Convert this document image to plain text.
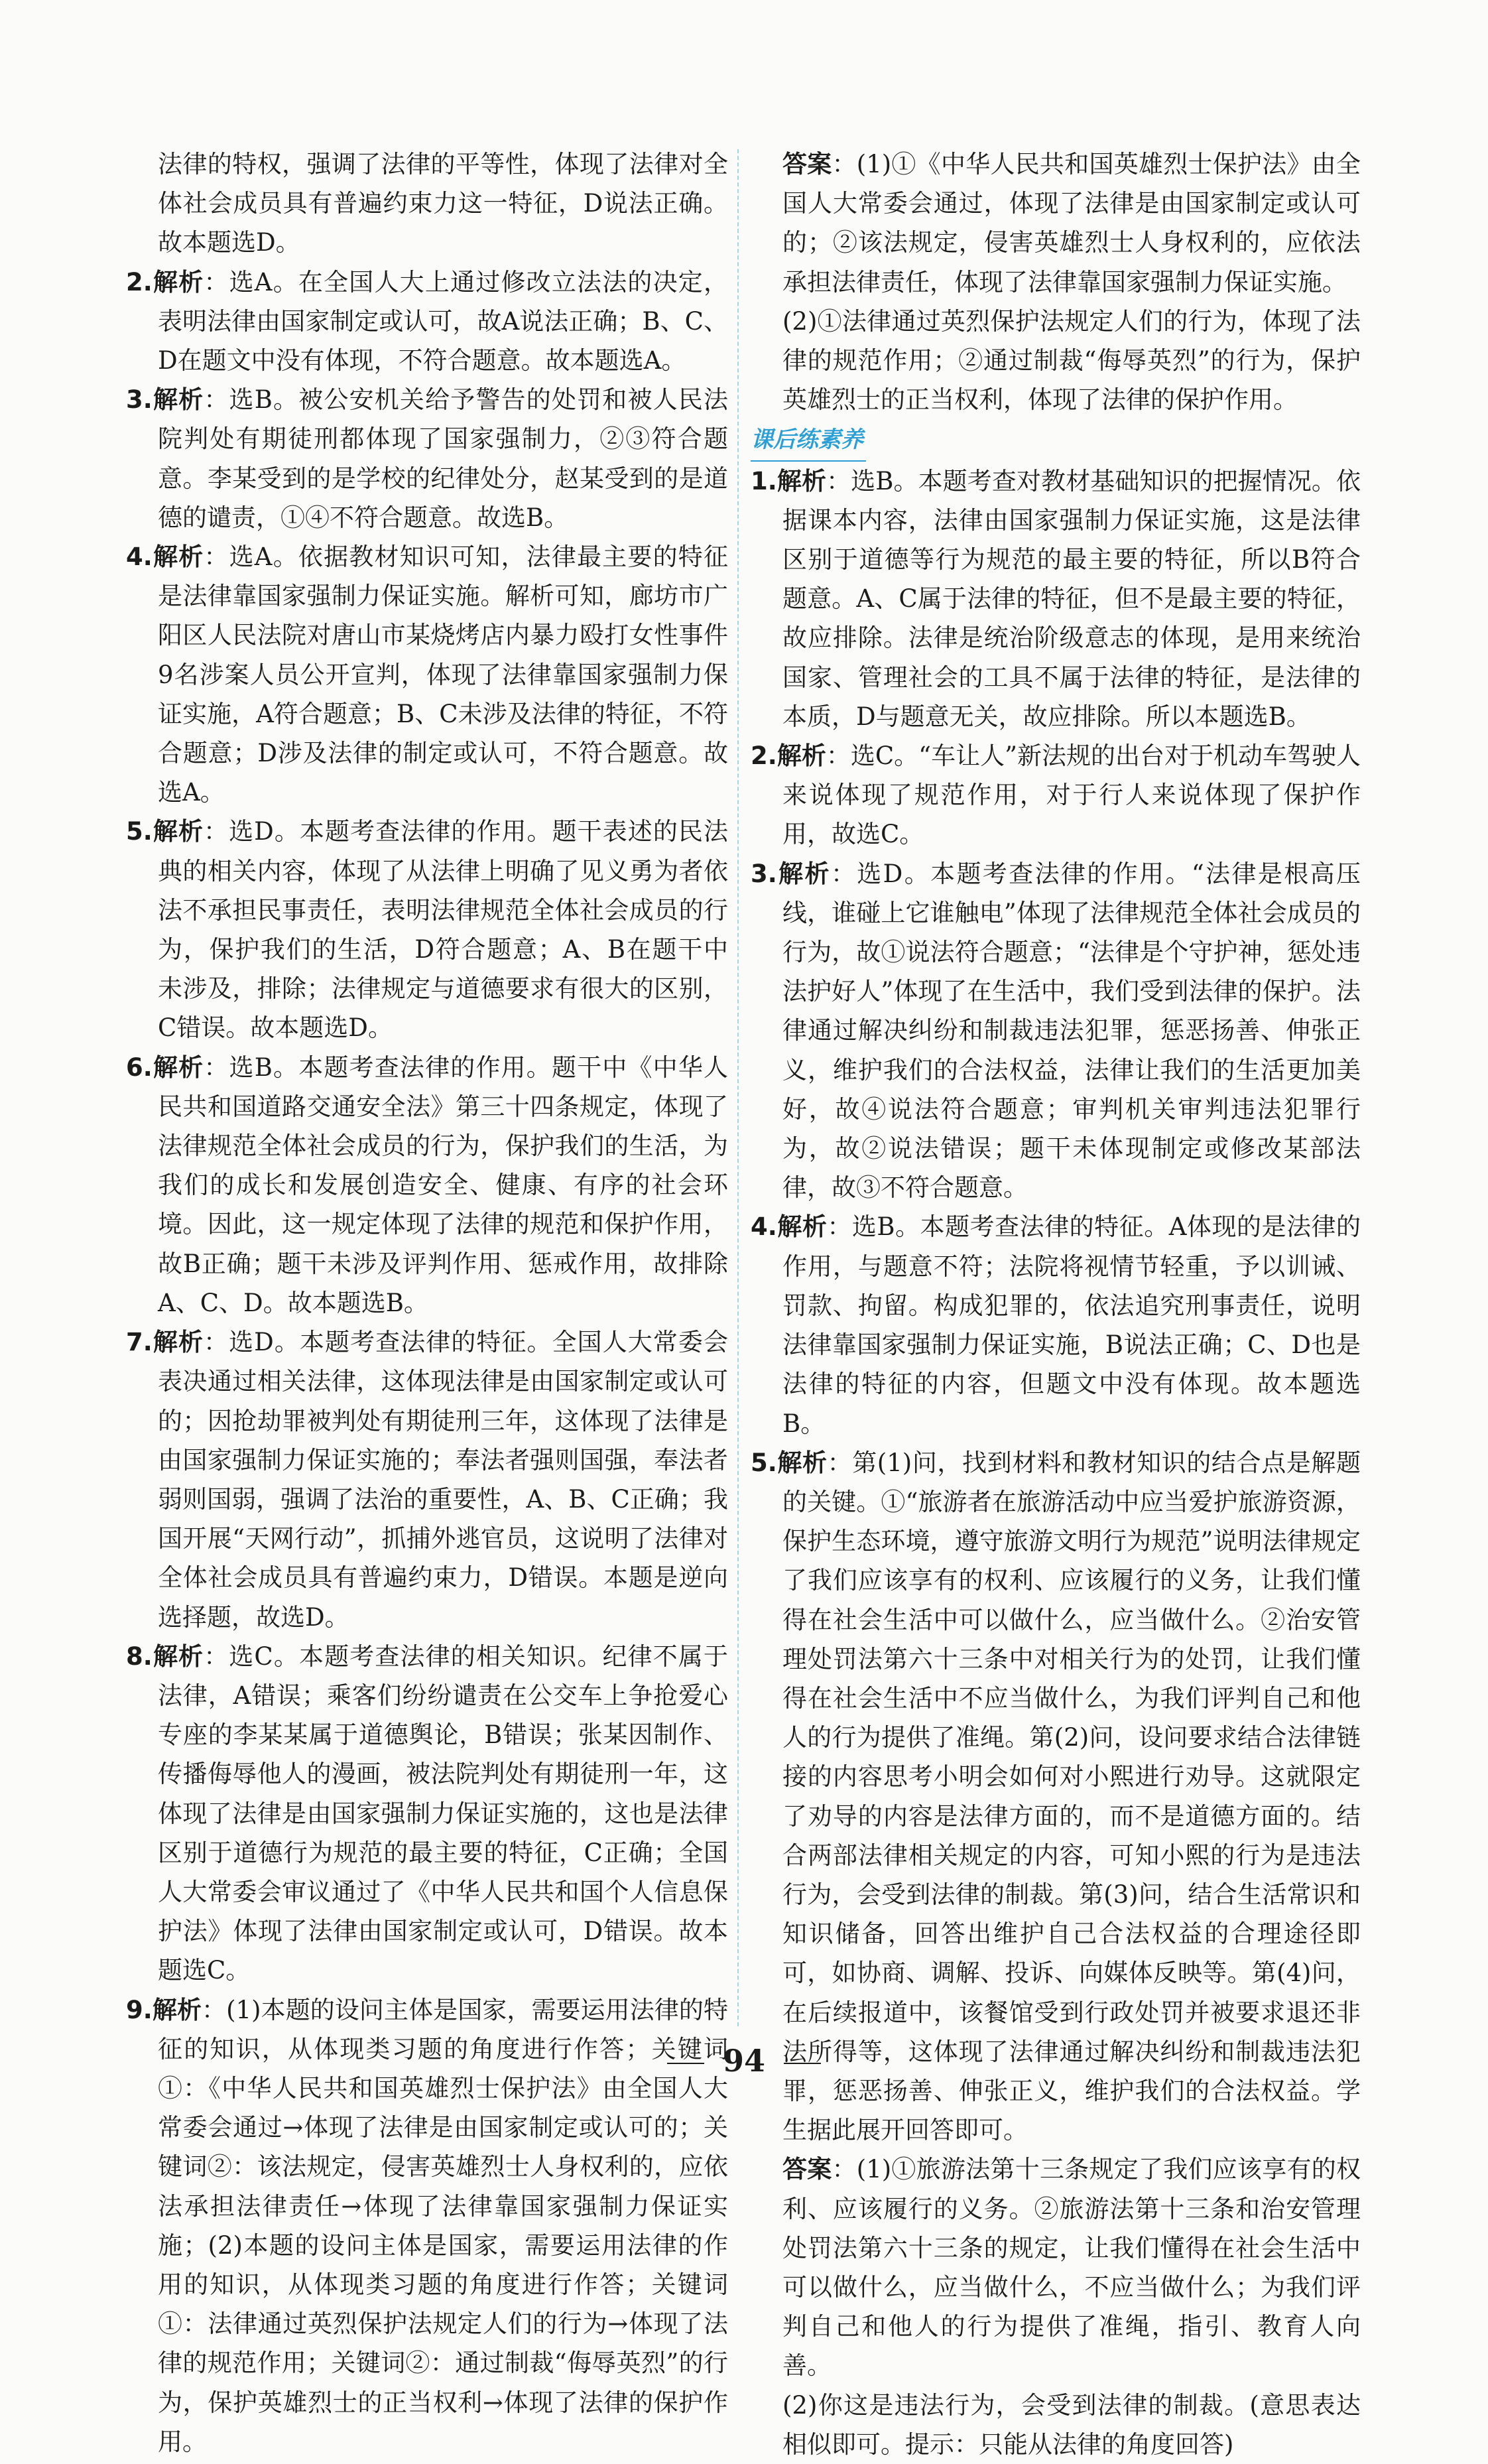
法律的特权，强调了法律的平等性，体现了法律对全体社会成员具有普遍约束力这一特征，D说法正确。故本题选D。

2.解析：选A。在全国人大上通过修改立法法的决定，表明法律由国家制定或认可，故A说法正确；B、C、D在题文中没有体现，不符合题意。故本题选A。

3.解析：选B。被公安机关给予警告的处罚和被人民法院判处有期徒刑都体现了国家强制力，②③符合题意。李某受到的是学校的纪律处分，赵某受到的是道德的谴责，①④不符合题意。故选B。

4.解析：选A。依据教材知识可知，法律最主要的特征是法律靠国家强制力保证实施。解析可知，廊坊市广阳区人民法院对唐山市某烧烤店内暴力殴打女性事件9名涉案人员公开宣判，体现了法律靠国家强制力保证实施，A符合题意；B、C未涉及法律的特征，不符合题意；D涉及法律的制定或认可，不符合题意。故选A。

5.解析：选D。本题考查法律的作用。题干表述的民法典的相关内容，体现了从法律上明确了见义勇为者依法不承担民事责任，表明法律规范全体社会成员的行为，保护我们的生活，D符合题意；A、B在题干中未涉及，排除；法律规定与道德要求有很大的区别，C错误。故本题选D。

6.解析：选B。本题考查法律的作用。题干中《中华人民共和国道路交通安全法》第三十四条规定，体现了法律规范全体社会成员的行为，保护我们的生活，为我们的成长和发展创造安全、健康、有序的社会环境。因此，这一规定体现了法律的规范和保护作用，故B正确；题干未涉及评判作用、惩戒作用，故排除A、C、D。故本题选B。

7.解析：选D。本题考查法律的特征。全国人大常委会表决通过相关法律，这体现法律是由国家制定或认可的；因抢劫罪被判处有期徒刑三年，这体现了法律是由国家强制力保证实施的；奉法者强则国强，奉法者弱则国弱，强调了法治的重要性，A、B、C正确；我国开展“天网行动”，抓捕外逃官员，这说明了法律对全体社会成员具有普遍约束力，D错误。本题是逆向选择题，故选D。

8.解析：选C。本题考查法律的相关知识。纪律不属于法律，A错误；乘客们纷纷谴责在公交车上争抢爱心专座的李某某属于道德舆论，B错误；张某因制作、传播侮辱他人的漫画，被法院判处有期徒刑一年，这体现了法律是由国家强制力保证实施的，这也是法律区别于道德行为规范的最主要的特征，C正确；全国人大常委会审议通过了《中华人民共和国个人信息保护法》体现了法律由国家制定或认可，D错误。故本题选C。

9.解析：(1)本题的设问主体是国家，需要运用法律的特征的知识，从体现类习题的角度进行作答；关键词①：《中华人民共和国英雄烈士保护法》由全国人大常委会通过→体现了法律是由国家制定或认可的；关键词②：该法规定，侵害英雄烈士人身权利的，应依法承担法律责任→体现了法律靠国家强制力保证实施；(2)本题的设问主体是国家，需要运用法律的作用的知识，从体现类习题的角度进行作答；关键词①：法律通过英烈保护法规定人们的行为→体现了法律的规范作用；关键词②：通过制裁“侮辱英烈”的行为，保护英雄烈士的正当权利→体现了法律的保护作用。

答案：(1)①《中华人民共和国英雄烈士保护法》由全国人大常委会通过，体现了法律是由国家制定或认可的；②该法规定，侵害英雄烈士人身权利的，应依法承担法律责任，体现了法律靠国家强制力保证实施。

(2)①法律通过英烈保护法规定人们的行为，体现了法律的规范作用；②通过制裁“侮辱英烈”的行为，保护英雄烈士的正当权利，体现了法律的保护作用。

课后练素养

1.解析：选B。本题考查对教材基础知识的把握情况。依据课本内容，法律由国家强制力保证实施，这是法律区别于道德等行为规范的最主要的特征，所以B符合题意。A、C属于法律的特征，但不是最主要的特征，故应排除。法律是统治阶级意志的体现，是用来统治国家、管理社会的工具不属于法律的特征，是法律的本质，D与题意无关，故应排除。所以本题选B。

2.解析：选C。“车让人”新法规的出台对于机动车驾驶人来说体现了规范作用，对于行人来说体现了保护作用，故选C。

3.解析：选D。本题考查法律的作用。“法律是根高压线，谁碰上它谁触电”体现了法律规范全体社会成员的行为，故①说法符合题意；“法律是个守护神，惩处违法护好人”体现了在生活中，我们受到法律的保护。法律通过解决纠纷和制裁违法犯罪，惩恶扬善、伸张正义，维护我们的合法权益，法律让我们的生活更加美好，故④说法符合题意；审判机关审判违法犯罪行为，故②说法错误；题干未体现制定或修改某部法律，故③不符合题意。

4.解析：选B。本题考查法律的特征。A体现的是法律的作用，与题意不符；法院将视情节轻重，予以训诫、罚款、拘留。构成犯罪的，依法追究刑事责任，说明法律靠国家强制力保证实施，B说法正确；C、D也是法律的特征的内容，但题文中没有体现。故本题选B。

5.解析：第(1)问，找到材料和教材知识的结合点是解题的关键。①“旅游者在旅游活动中应当爱护旅游资源，保护生态环境，遵守旅游文明行为规范”说明法律规定了我们应该享有的权利、应该履行的义务，让我们懂得在社会生活中可以做什么，应当做什么。②治安管理处罚法第六十三条中对相关行为的处罚，让我们懂得在社会生活中不应当做什么，为我们评判自己和他人的行为提供了准绳。第(2)问，设问要求结合法律链接的内容思考小明会如何对小熙进行劝导。这就限定了劝导的内容是法律方面的，而不是道德方面的。结合两部法律相关规定的内容，可知小熙的行为是违法行为，会受到法律的制裁。第(3)问，结合生活常识和知识储备，回答出维护自己合法权益的合理途径即可，如协商、调解、投诉、向媒体反映等。第(4)问，在后续报道中，该餐馆受到行政处罚并被要求退还非法所得等，这体现了法律通过解决纠纷和制裁违法犯罪，惩恶扬善、伸张正义，维护我们的合法权益。学生据此展开回答即可。

答案：(1)①旅游法第十三条规定了我们应该享有的权利、应该履行的义务。②旅游法第十三条和治安管理处罚法第六十三条的规定，让我们懂得在社会生活中可以做什么，应当做什么，不应当做什么；为我们评判自己和他人的行为提供了准绳，指引、教育人向善。

(2)你这是违法行为，会受到法律的制裁。(意思表达相似即可。提示：只能从法律的角度回答)

94
